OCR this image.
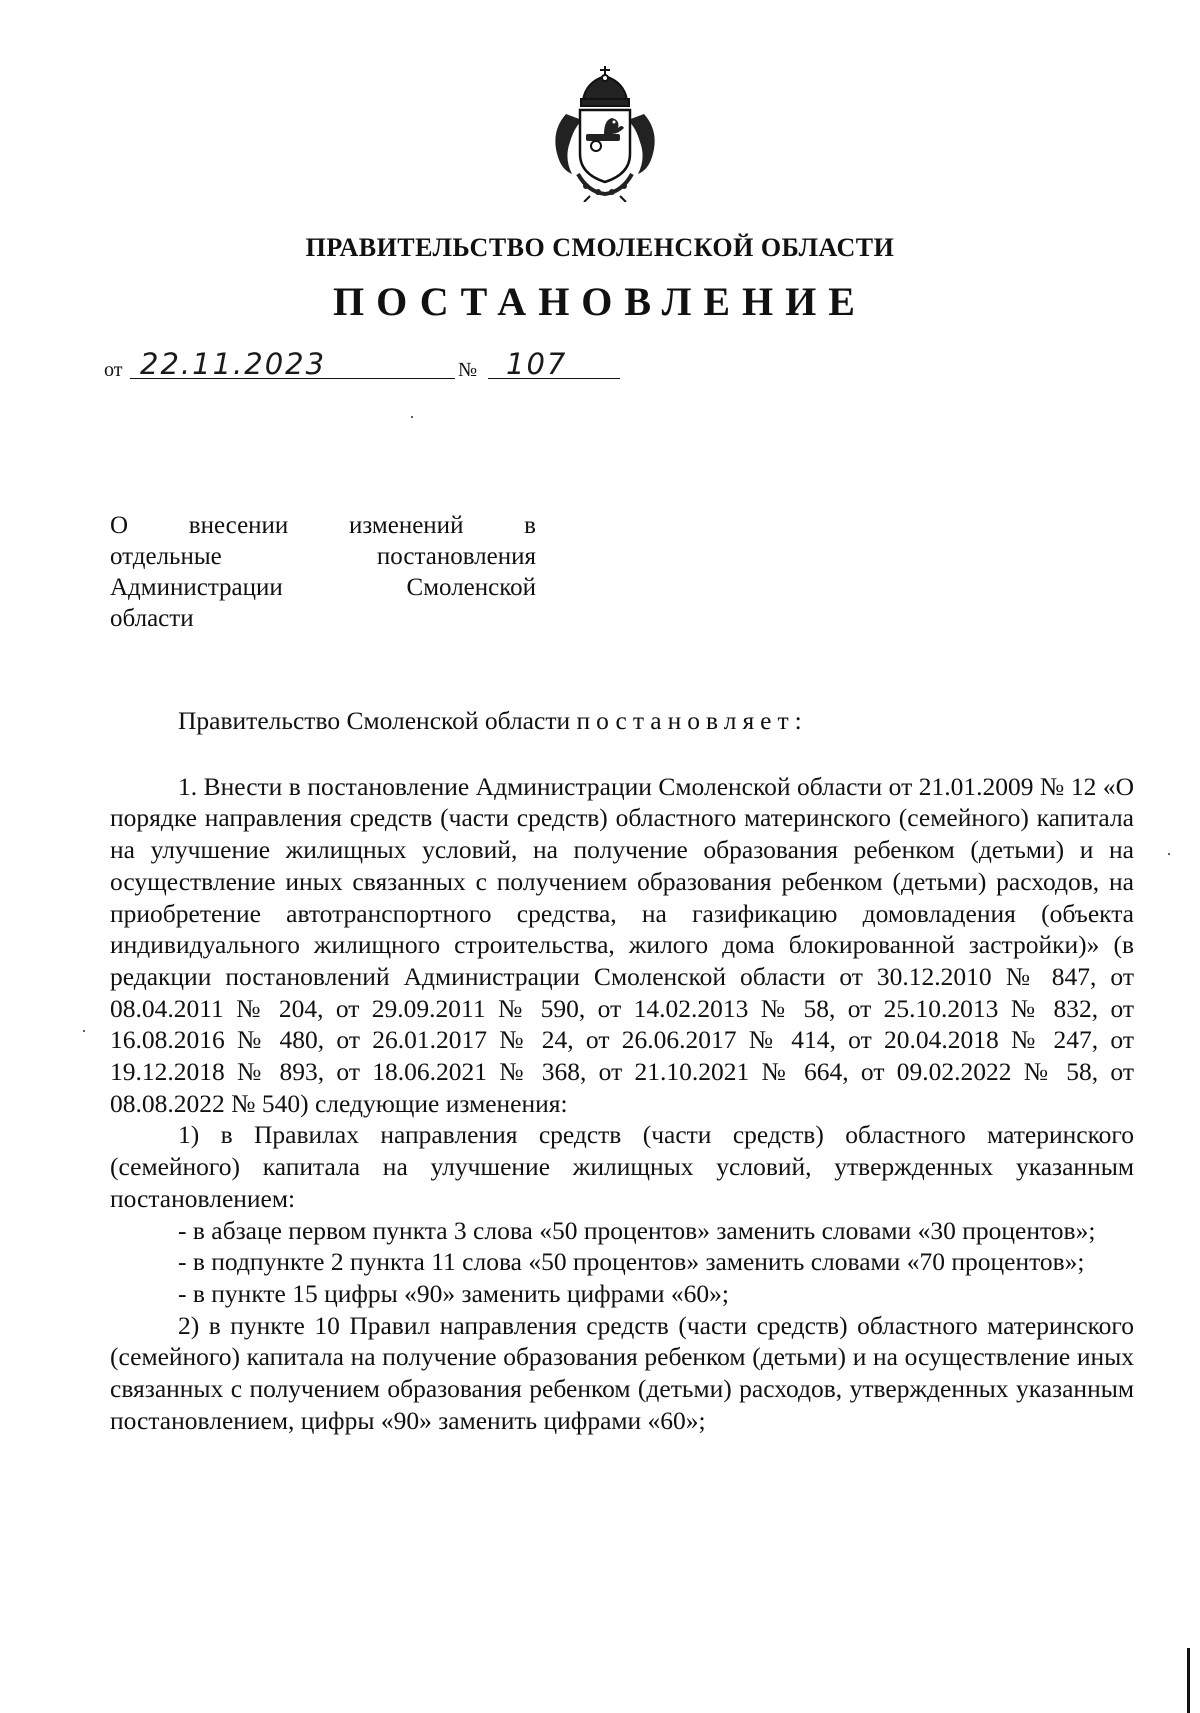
ПРАВИТЕЛЬСТВО СМОЛЕНСКОЙ ОБЛАСТИ
ПОСТАНОВЛЕНИЕ
от 22.11.2023	№ 107
О внесении изменений в
отдельные	постановления
Администрации	Смоленской
области

Правительство Смоленской области постановляет:

1. Внести в постановление Администрации Смоленской области от 21.01.2009 № 12 «О порядке направления средств (части средств) областного материнского (семейного) капитала на улучшение жилищных условий, на получение образования ребенком (детьми) и на осуществление иных связанных с получением образования ребенком (детьми) расходов, на приобретение автотранспортного средства, на газификацию домовладения (объекта индивидуального жилищного строительства, жилого дома блокированной застройки)» (в редакции постановлений Администрации Смоленской области от 30.12.2010 № 847, от 08.04.2011 № 204, от 29.09.2011 № 590, от 14.02.2013 № 58, от 25.10.2013 № 832, от 16.08.2016 № 480, от 26.01.2017 № 24, от 26.06.2017 № 414, от 20.04.2018 № 247, от 19.12.2018 № 893, от 18.06.2021 № 368, от 21.10.2021 № 664, от 09.02.2022 № 58, от 08.08.2022 № 540) следующие изменения:

1) в Правилах направления средств (части средств) областного материнского (семейного) капитала на улучшение жилищных условий, утвержденных указанным постановлением:

- в абзаце первом пункта 3 слова «50 процентов» заменить словами «30 процентов»;

- в подпункте 2 пункта 11 слова «50 процентов» заменить словами «70 процентов»;

- в пункте 15 цифры «90» заменить цифрами «60»;

2) в пункте 10 Правил направления средств (части средств) областного материнского (семейного) капитала на получение образования ребенком (детьми) и на осуществление иных связанных с получением образования ребенком (детьми) расходов, утвержденных указанным постановлением, цифры «90» заменить цифрами «60»;
